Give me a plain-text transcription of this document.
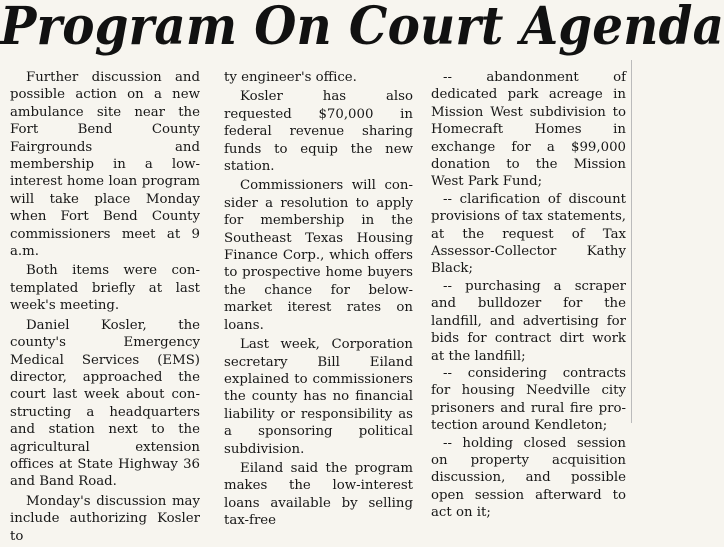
Program On Court Agenda

Further discussion and possible action on a new ambulance site near the Fort Bend County Fairgrounds and membership in a low-interest home loan program will take place Monday when Fort Bend County commissioners meet at 9 a.m.

Both items were contemplated briefly at last week's meeting.

Daniel Kosler, the county's Emergency Medical Services (EMS) director, approached the court last week about constructing a headquarters and station next to the agricultural extension offices at State Highway 36 and Band Road.

Monday's discussion may include authorizing Kosler to

ty engineer's office.

Kosler has also requested $70,000 in federal revenue sharing funds to equip the new station.

Commissioners will consider a resolution to apply for membership in the Southeast Texas Housing Finance Corp., which offers to prospective home buyers the chance for below-market iterest rates on loans.

Last week, Corporation secretary Bill Eiland explained to commissioners the county has no financial liability or responsibility as a sponsoring political subdivision.

Eiland said the program makes the low-interest loans available by selling tax-free

-- abandonment of dedicated park acreage in Mission West subdivision to Homecraft Homes in exchange for a $99,000 donation to the Mission West Park Fund;

-- clarification of discount provisions of tax statements, at the request of Tax Assessor-Collector Kathy Black;

-- purchasing a scraper and bulldozer for the landfill, and advertising for bids for contract dirt work at the landfill;

-- considering contracts for housing Needville city prisoners and rural fire protection around Kendleton;

-- holding closed session on property acquisition discussion, and possible open session afterward to act on it;
